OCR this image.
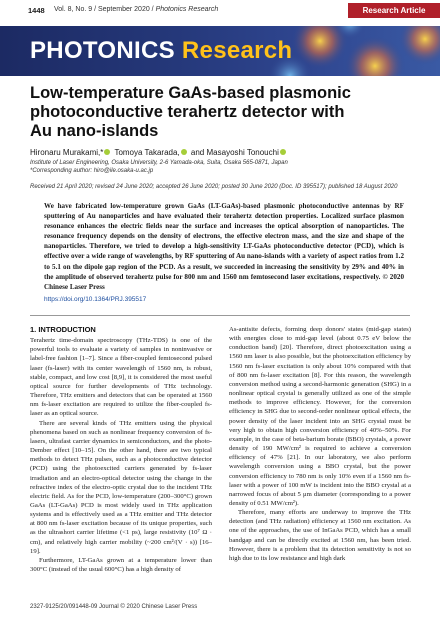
1448 Vol. 8, No. 9 / September 2020 / Photonics Research	Research Article
PHOTONICS Research
Low-temperature GaAs-based plasmonic
photoconductive terahertz detector with
Au nano-islands
Hironaru Murakami,* Tomoya Takarada, and Masayoshi Tonouchi
Institute of Laser Engineering, Osaka University, 2-6 Yamada-oka, Suita, Osaka 565-0871, Japan
*Corresponding author: hiro@ile.osaka-u.ac.jp
Received 21 April 2020; revised 24 June 2020; accepted 26 June 2020; posted 30 June 2020 (Doc. ID 395517); published 18 August 2020
We have fabricated low-temperature grown GaAs (LT-GaAs)-based plasmonic photoconductive antennas by RF sputtering of Au nanoparticles and have evaluated their terahertz detection properties. Localized surface plasmon resonance enhances the electric fields near the surface and increases the optical absorption of nanoparticles. The resonance frequency depends on the density of electrons, the effective electron mass, and the size and shape of the nanoparticles. Therefore, we tried to develop a high-sensitivity LT-GaAs photoconductive detector (PCD), which is effective over a wide range of wavelengths, by RF sputtering of Au nano-islands with a variety of aspect ratios from 1.2 to 5.1 on the dipole gap region of the PCD. As a result, we succeeded in increasing the sensitivity by 29% and 40% in the amplitude of observed terahertz pulse for 800 nm and 1560 nm femtosecond laser excitations, respectively. © 2020 Chinese Laser Press
https://doi.org/10.1364/PRJ.395517
1. INTRODUCTION

Terahertz time-domain spectroscopy (THz-TDS) is one of the powerful tools to evaluate a variety of samples in noninvasive or label-free fashion [1–7]. Since a fiber-coupled femtosecond pulsed laser (fs-laser) with its center wavelength of 1560 nm, is robust, stable, compact, and low cost [8,9], it is considered the most useful optical source for further developments of THz technology. Therefore, THz emitters and detectors that can be operated at 1560 nm fs-laser excitation are required to utilize the fiber-coupled fs-laser as an optical source.

There are several kinds of THz emitters using the physical phenomena based on such as nonlinear frequency conversion of fs-lasers, ultrafast carrier dynamics in semiconductors, and the photo-Dember effect [10–15]. On the other hand, there are two typical methods to detect THz pulses, such as a photoconductive detector (PCD) using the photoexcited carriers generated by fs-laser irradiation and an electro-optical detector using the change in the refractive index of the electro-optic crystal due to the incident THz electric field. As for the PCD, low-temperature (200–300°C) grown GaAs (LT-GaAs) PCD is most widely used in THz application systems and is effectively used as a THz emitter and THz detector at 800 nm fs-laser excitation because of its unique properties, such as the ultrashort carrier lifetime (<1 ps), large resistivity (10⁷ Ω · cm), and relatively high carrier mobility (~200 cm²/(V · s)) [16–19].

Furthermore, LT-GaAs grown at a temperature lower than 300°C (instead of the usual 600°C) has a high density of

As-antisite defects, forming deep donors' states (mid-gap states) with energies close to mid-gap level (about 0.75 eV below the conduction band) [20]. Therefore, direct photoexcitation using a 1560 nm laser is also possible, but the photoexcitation efficiency by 1560 nm fs-laser excitation is only about 10% compared with that of 800 nm fs-laser excitation [8]. For this reason, the wavelength conversion method using a second-harmonic generation (SHG) in a nonlinear optical crystal is generally utilized as one of the simple methods to improve efficiency. However, for the conversion efficiency in SHG due to second-order nonlinear optical effects, the power density of the laser incident into an SHG crystal must be very high to obtain high conversion efficiency of 40%–50%. For example, in the case of beta-barium borate (BBO) crystals, a power density of 190 MW/cm² is required to achieve a conversion efficiency of 47% [21]. In our laboratory, we also perform wavelength conversion using a BBO crystal, but the power conversion efficiency to 780 nm is only 10% even if a 1560 nm fs-laser with a power of 100 mW is incident into the BBO crystal at a narrowed focus of about 5 μm diameter (corresponding to a power density of 0.51 MW/cm²).

Therefore, many efforts are underway to improve the THz detection (and THz radiation) efficiency at 1560 nm excitation. As one of the approaches, the use of InGaAs PCD, which has a small bandgap and can be directly excited at 1560 nm, has been tried. However, there is a problem that its detection sensitivity is not so high due to its low resistance and high dark

2327-9125/20/091448-09 Journal © 2020 Chinese Laser Press
